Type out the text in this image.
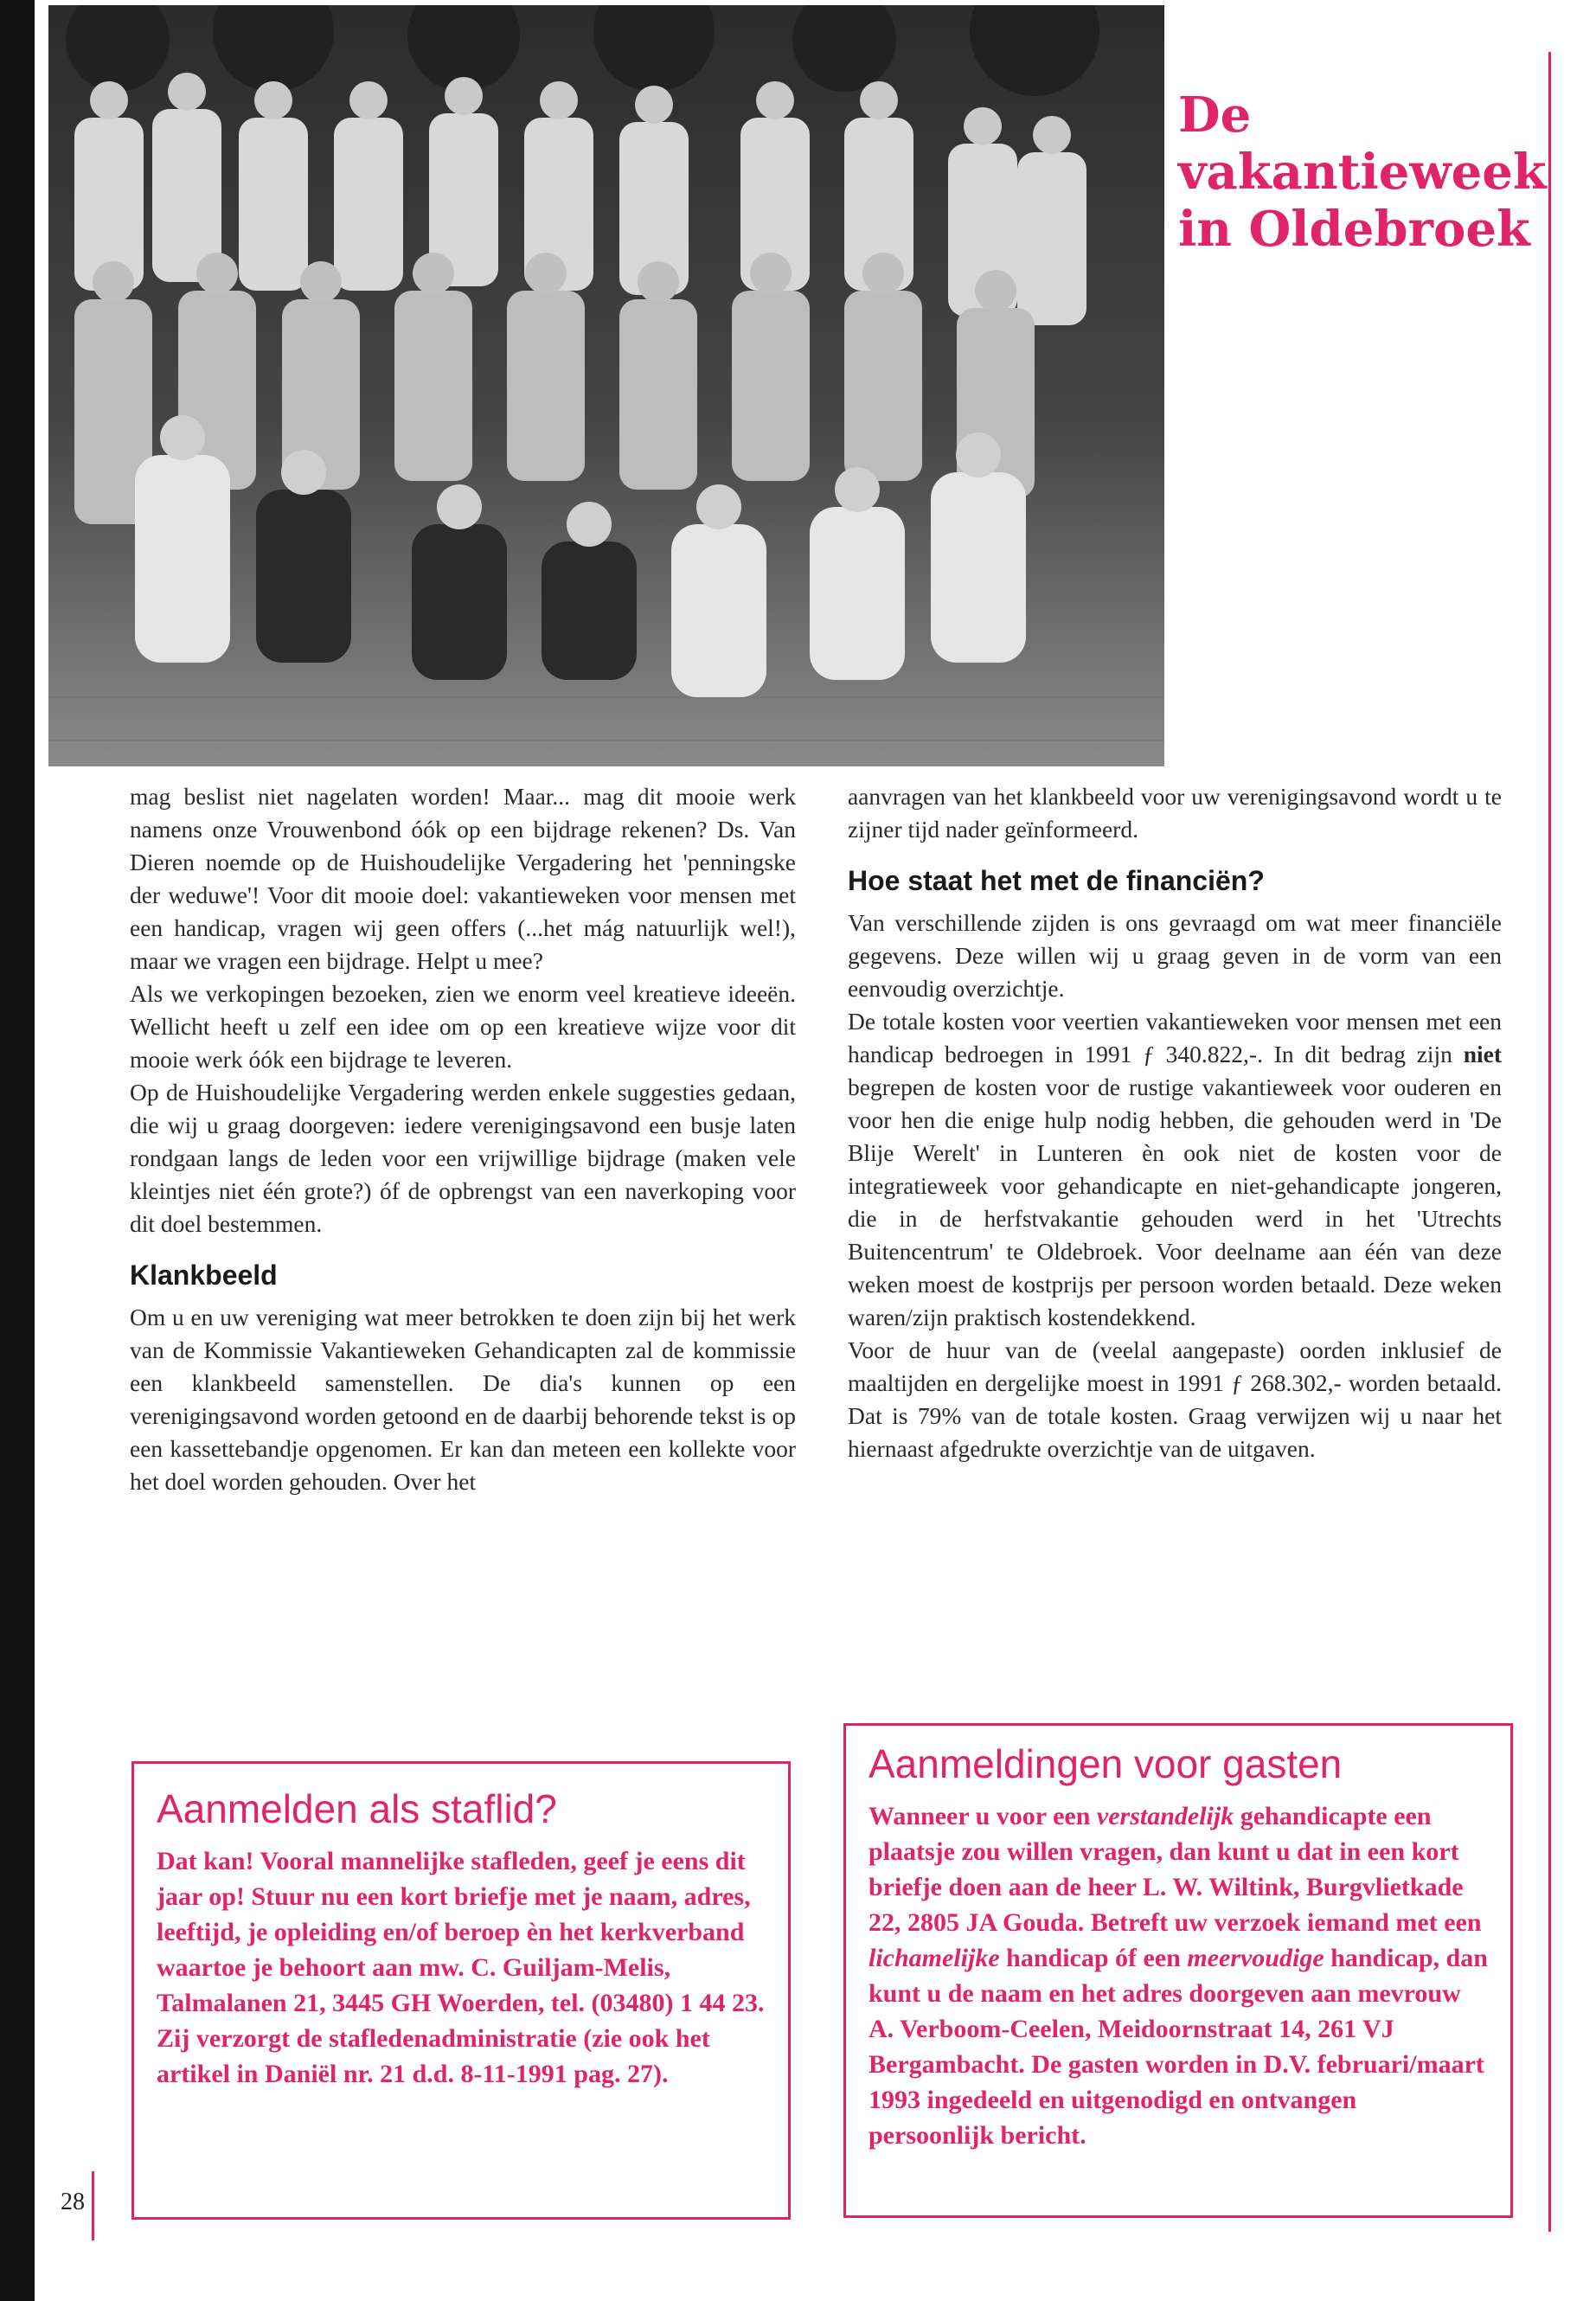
De vakantieweek in Oldebroek

mag beslist niet nagelaten worden! Maar... mag dit mooie werk namens onze Vrouwenbond óók op een bijdrage rekenen? Ds. Van Dieren noemde op de Huishoudelijke Vergadering het 'penningske der weduwe'! Voor dit mooie doel: vakantieweken voor mensen met een handicap, vragen wij geen offers (...het mág natuurlijk wel!), maar we vragen een bijdrage. Helpt u mee?

Als we verkopingen bezoeken, zien we enorm veel kreatieve ideeën. Wellicht heeft u zelf een idee om op een kreatieve wijze voor dit mooie werk óók een bijdrage te leveren.

Op de Huishoudelijke Vergadering werden enkele suggesties gedaan, die wij u graag doorgeven: iedere verenigingsavond een busje laten rondgaan langs de leden voor een vrijwillige bijdrage (maken vele kleintjes niet één grote?) óf de opbrengst van een naverkoping voor dit doel bestemmen.

Klankbeeld

Om u en uw vereniging wat meer betrokken te doen zijn bij het werk van de Kommissie Vakantieweken Gehandicapten zal de kommissie een klankbeeld samenstellen. De dia's kunnen op een verenigingsavond worden getoond en de daarbij behorende tekst is op een kassettebandje opgenomen. Er kan dan meteen een kollekte voor het doel worden gehouden. Over het

aanvragen van het klankbeeld voor uw verenigingsavond wordt u te zijner tijd nader geïnformeerd.

Hoe staat het met de financiën?

Van verschillende zijden is ons gevraagd om wat meer financiële gegevens. Deze willen wij u graag geven in de vorm van een eenvoudig overzichtje.

De totale kosten voor veertien vakantieweken voor mensen met een handicap bedroegen in 1991 ƒ 340.822,-. In dit bedrag zijn niet begrepen de kosten voor de rustige vakantieweek voor ouderen en voor hen die enige hulp nodig hebben, die gehouden werd in 'De Blije Werelt' in Lunteren èn ook niet de kosten voor de integratieweek voor gehandicapte en niet-gehandicapte jongeren, die in de herfstvakantie gehouden werd in het 'Utrechts Buitencentrum' te Oldebroek. Voor deelname aan één van deze weken moest de kostprijs per persoon worden betaald. Deze weken waren/zijn praktisch kostendekkend.

Voor de huur van de (veelal aangepaste) oorden inklusief de maaltijden en dergelijke moest in 1991 ƒ 268.302,- worden betaald. Dat is 79% van de totale kosten. Graag verwijzen wij u naar het hiernaast afgedrukte overzichtje van de uitgaven.

Aanmelden als staflid?

Dat kan! Vooral mannelijke stafleden, geef je eens dit jaar op! Stuur nu een kort briefje met je naam, adres, leeftijd, je opleiding en/of beroep èn het kerkverband waartoe je behoort aan mw. C. Guiljam-Melis, Talmalanen 21, 3445 GH Woerden, tel. (03480) 1 44 23.

Zij verzorgt de stafledenadministratie (zie ook het artikel in Daniël nr. 21 d.d. 8-11-1991 pag. 27).

Aanmeldingen voor gasten

Wanneer u voor een verstandelijk gehandicapte een plaatsje zou willen vragen, dan kunt u dat in een kort briefje doen aan de heer L. W. Wiltink, Burgvlietkade 22, 2805 JA Gouda. Betreft uw verzoek iemand met een lichamelijke handicap óf een meervoudige handicap, dan kunt u de naam en het adres doorgeven aan mevrouw A. Verboom-Ceelen, Meidoornstraat 14, 261 VJ Bergambacht. De gasten worden in D.V. februari/maart 1993 ingedeeld en uitgenodigd en ontvangen persoonlijk bericht.

28
